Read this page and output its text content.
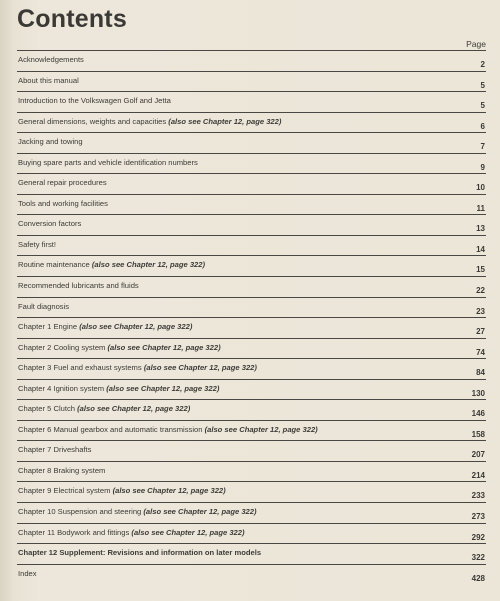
Contents
Page
Acknowledgements
2
About this manual
5
Introduction to the Volkswagen Golf and Jetta
5
General dimensions, weights and capacities (also see Chapter 12, page 322)
6
Jacking and towing
7
Buying spare parts and vehicle identification numbers
9
General repair procedures
10
Tools and working facilities
11
Conversion factors
13
Safety first!
14
Routine maintenance (also see Chapter 12, page 322)
15
Recommended lubricants and fluids
22
Fault diagnosis
23
Chapter 1 Engine (also see Chapter 12, page 322)
27
Chapter 2 Cooling system (also see Chapter 12, page 322)
74
Chapter 3 Fuel and exhaust systems (also see Chapter 12, page 322)
84
Chapter 4 Ignition system (also see Chapter 12, page 322)
130
Chapter 5 Clutch (also see Chapter 12, page 322)
146
Chapter 6 Manual gearbox and automatic transmission (also see Chapter 12, page 322)
158
Chapter 7 Driveshafts
207
Chapter 8 Braking system
214
Chapter 9 Electrical system (also see Chapter 12, page 322)
233
Chapter 10 Suspension and steering (also see Chapter 12, page 322)
273
Chapter 11 Bodywork and fittings (also see Chapter 12, page 322)
292
Chapter 12 Supplement: Revisions and information on later models
322
Index
428
